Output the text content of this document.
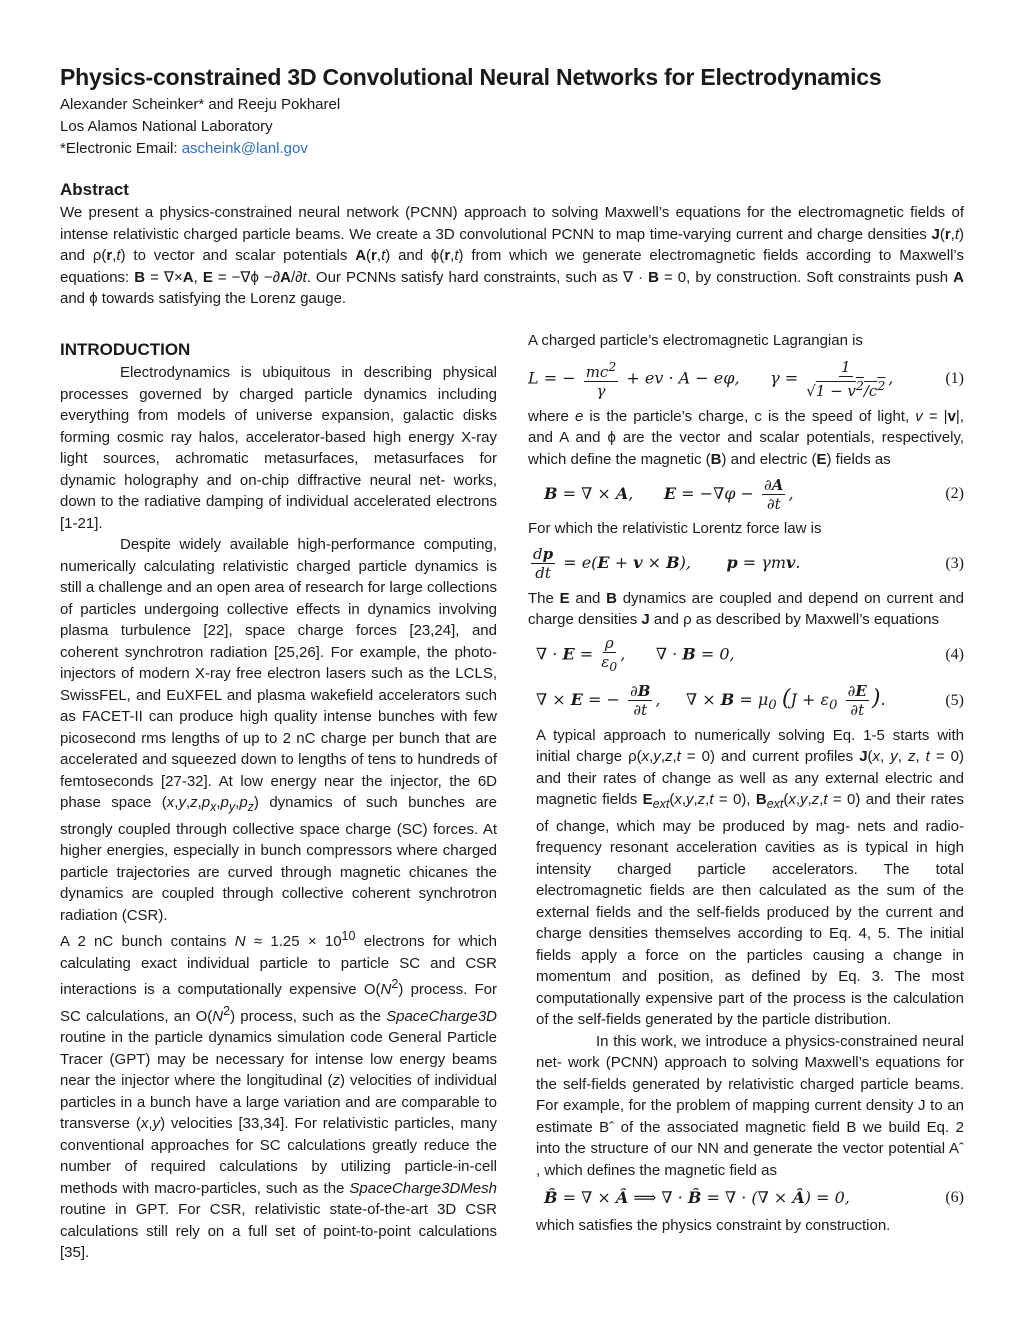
Physics-constrained 3D Convolutional Neural Networks for Electrodynamics
Alexander Scheinker* and Reeju Pokharel
Los Alamos National Laboratory
*Electronic Email: ascheink@lanl.gov
Abstract
We present a physics-constrained neural network (PCNN) approach to solving Maxwell’s equations for the electromagnetic fields of intense relativistic charged particle beams. We create a 3D convolutional PCNN to map time-varying current and charge densities J(r,t) and ρ(r,t) to vector and scalar potentials A(r,t) and ϕ(r,t) from which we generate electromagnetic fields according to Maxwell’s equations: B = ∇×A, E = −∇ϕ −∂A/∂t. Our PCNNs satisfy hard constraints, such as ∇ · B = 0, by construction. Soft constraints push A and ϕ towards satisfying the Lorenz gauge.
INTRODUCTION

Electrodynamics is ubiquitous in describing physical processes governed by charged particle dynamics including everything from models of universe expansion, galactic disks forming cosmic ray halos, accelerator-based high energy X-ray light sources, achromatic metasurfaces, metasurfaces for dynamic holography and on-chip diffractive neural net- works, down to the radiative damping of individual accelerated electrons [1-21].

Despite widely available high-performance computing, numerically calculating relativistic charged particle dynamics is still a challenge and an open area of research for large collections of particles undergoing collective effects in dynamics involving plasma turbulence [22], space charge forces [23,24], and coherent synchrotron radiation [25,26]. For example, the photo-injectors of modern X-ray free electron lasers such as the LCLS, SwissFEL, and EuXFEL and plasma wakefield accelerators such as FACET-II can produce high quality intense bunches with few picosecond rms lengths of up to 2 nC charge per bunch that are accelerated and squeezed down to lengths of tens to hundreds of femtoseconds [27-32]. At low energy near the injector, the 6D phase space $(x,y,z,p_x,p_y,p_z)$ dynamics of such bunches are strongly coupled through collective space charge (SC) forces. At higher energies, especially in bunch compressors where charged particle trajectories are curved through magnetic chicanes the dynamics are coupled through collective coherent synchrotron radiation (CSR).

A 2 nC bunch contains $N \approx 1.25 \times 10^{10}$ electrons for which calculating exact individual particle to particle SC and CSR interactions is a computationally expensive $O(N^2)$ process. For SC calculations, an $O(N^2)$ process, such as the SpaceCharge3D routine in the particle dynamics simulation code General Particle Tracer (GPT) may be necessary for intense low energy beams near the injector where the longitudinal (z) velocities of individual particles in a bunch have a large variation and are comparable to transverse (x,y) velocities [33,34]. For relativistic particles, many conventional approaches for SC calculations greatly reduce the number of required calculations by utilizing particle-in-cell methods with macro-particles, such as the SpaceCharge3DMesh routine in GPT. For CSR, relativistic state-of-the-art 3D CSR calculations still rely on a full set of point-to-point calculations [35].

A charged particle’s electromagnetic Lagrangian is

L = − $\frac{mc^2}{\gamma}$ + ev · A − eφ,      $\gamma = \frac{1}{√1 - v^2/c^2}$ ,	(1)

where e is the particle’s charge, c is the speed of light, v = |v|, and A and ϕ are the vector and scalar potentials, respectively, which define the magnetic (B) and electric (E) fields as

B = ∇ × A,      $E = -\nabla\varphi - \frac{\partial A}{\partial t}$ ,	(2)

For which the relativistic Lorentz force law is

$\frac{dp}{dt} = e(E + v \times B)$,       p = γmv.	(3)

The E and B dynamics are coupled and depend on current and charge densities J and ρ as described by Maxwell’s equations

∇ · $E = \frac{\rho}{\varepsilon_0}$ ,      ∇ · B = 0,	(4)
∇ × E = − $\frac{\partial B}{\partial t}$ ,     ∇ × $B = \mu_0$ ($J + \varepsilon_0 \frac{\partial E}{\partial t}$ ).	(5)

A typical approach to numerically solving Eq. 1-5 starts with initial charge ρ(x,y,z,t = 0) and current profiles J(x, y, z, t = 0) and their rates of change as well as any external electric and magnetic fields $E_{ext}(x,y,z,t = 0)$, $B_{ext}(x,y,z,t = 0)$ and their rates of change, which may be produced by mag- nets and radio-frequency resonant acceleration cavities as is typical in high intensity charged particle accelerators. The total electromagnetic fields are then calculated as the sum of the external fields and the self-fields produced by the current and charge densities themselves according to Eq. 4, 5. The initial fields apply a force on the particles causing a change in momentum and position, as defined by Eq. 3. The most computationally expensive part of the process is the calculation of the self-fields generated by the particle distribution.

In this work, we introduce a physics-constrained neural net- work (PCNN) approach to solving Maxwell’s equations for the self-fields generated by relativistic charged particle beams. For example, for the problem of mapping current density J to an estimate Bˆ of the associated magnetic field B we build Eq. 2 into the structure of our NN and generate the vector potential Aˆ , which defines the magnetic field as

B̂ = ∇ × Â ⟹ ∇ · B̂ = ∇ · (∇ × Â) = 0,	(6)

which satisfies the physics constraint by construction.
